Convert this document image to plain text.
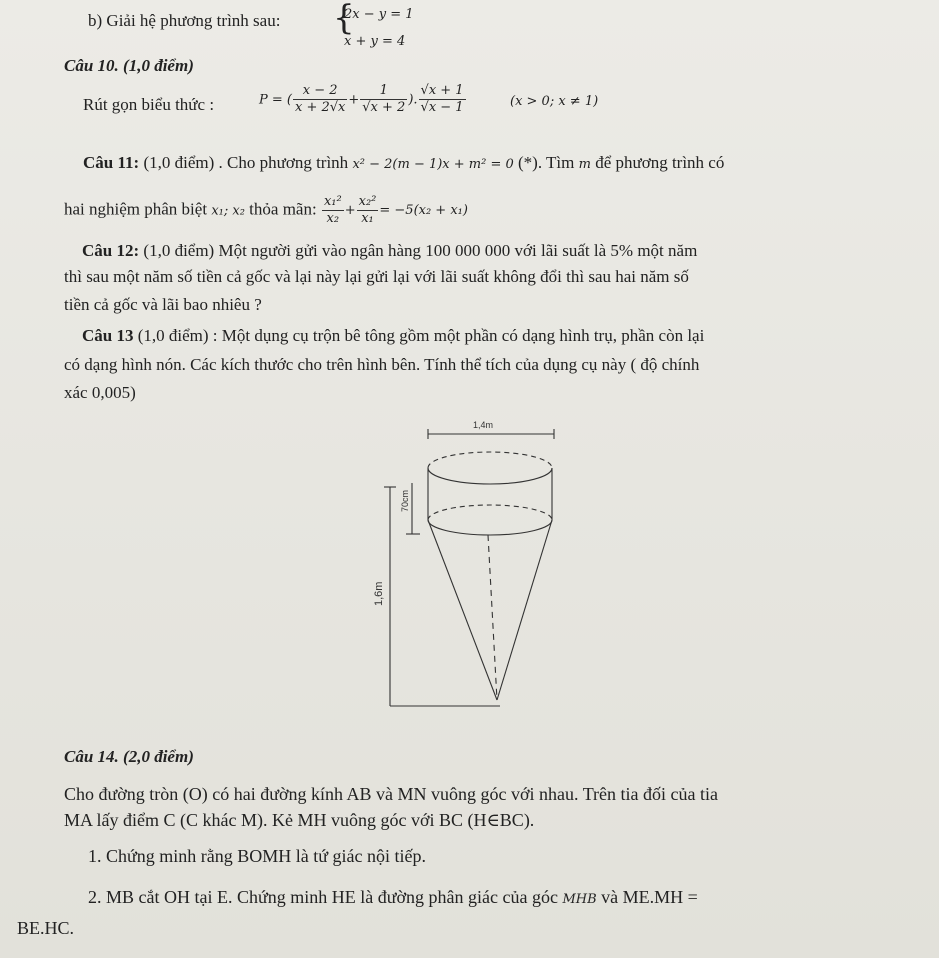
b) Giải hệ phương trình sau: {
2x − y = 1
x + y = 4
Câu 10. (1,0 điểm)
Rút gọn biểu thức :	P = ( $\frac{x - 2}{x + 2√x} + \frac{1}{√x + 2}$ ). $\frac{√x + 1}{√x - 1}$	(x > 0; x ≠ 1)
Câu 11: (1,0 điểm) . Cho phương trình x² − 2(m − 1)x + m² = 0 (*). Tìm m để phương trình có
hai nghiệm phân biệt x₁; x₂ thỏa mãn: $\frac{\text{x₁²}}{\text{x₂}} + \frac{\text{x₂²}}{\text{x₁}} = -5(x_2 + x_1)$
Câu 12: (1,0 điểm) Một người gửi vào ngân hàng 100 000 000 với lãi suất là 5% một năm
thì sau một năm số tiền cả gốc và lại này lại gửi lại với lãi suất không đổi thì sau hai năm số
tiền cả gốc và lãi bao nhiêu ?
Câu 13 (1,0 điểm) : Một dụng cụ trộn bê tông gồm một phần có dạng hình trụ, phần còn lại
có dạng hình nón. Các kích thước cho trên hình bên. Tính thể tích của dụng cụ này ( độ chính
xác 0,005)
1,4m
70cm
1,6m
Câu 14. (2,0 điểm)
Cho đường tròn (O) có hai đường kính AB và MN vuông góc với nhau. Trên tia đối của tia
MA lấy điểm C (C khác M). Kẻ MH vuông góc với BC (H∈BC).
1. Chứng minh rằng BOMH là tứ giác nội tiếp.
2. MB cắt OH tại E. Chứng minh HE là đường phân giác của góc MHB và ME.MH =
BE.HC.
